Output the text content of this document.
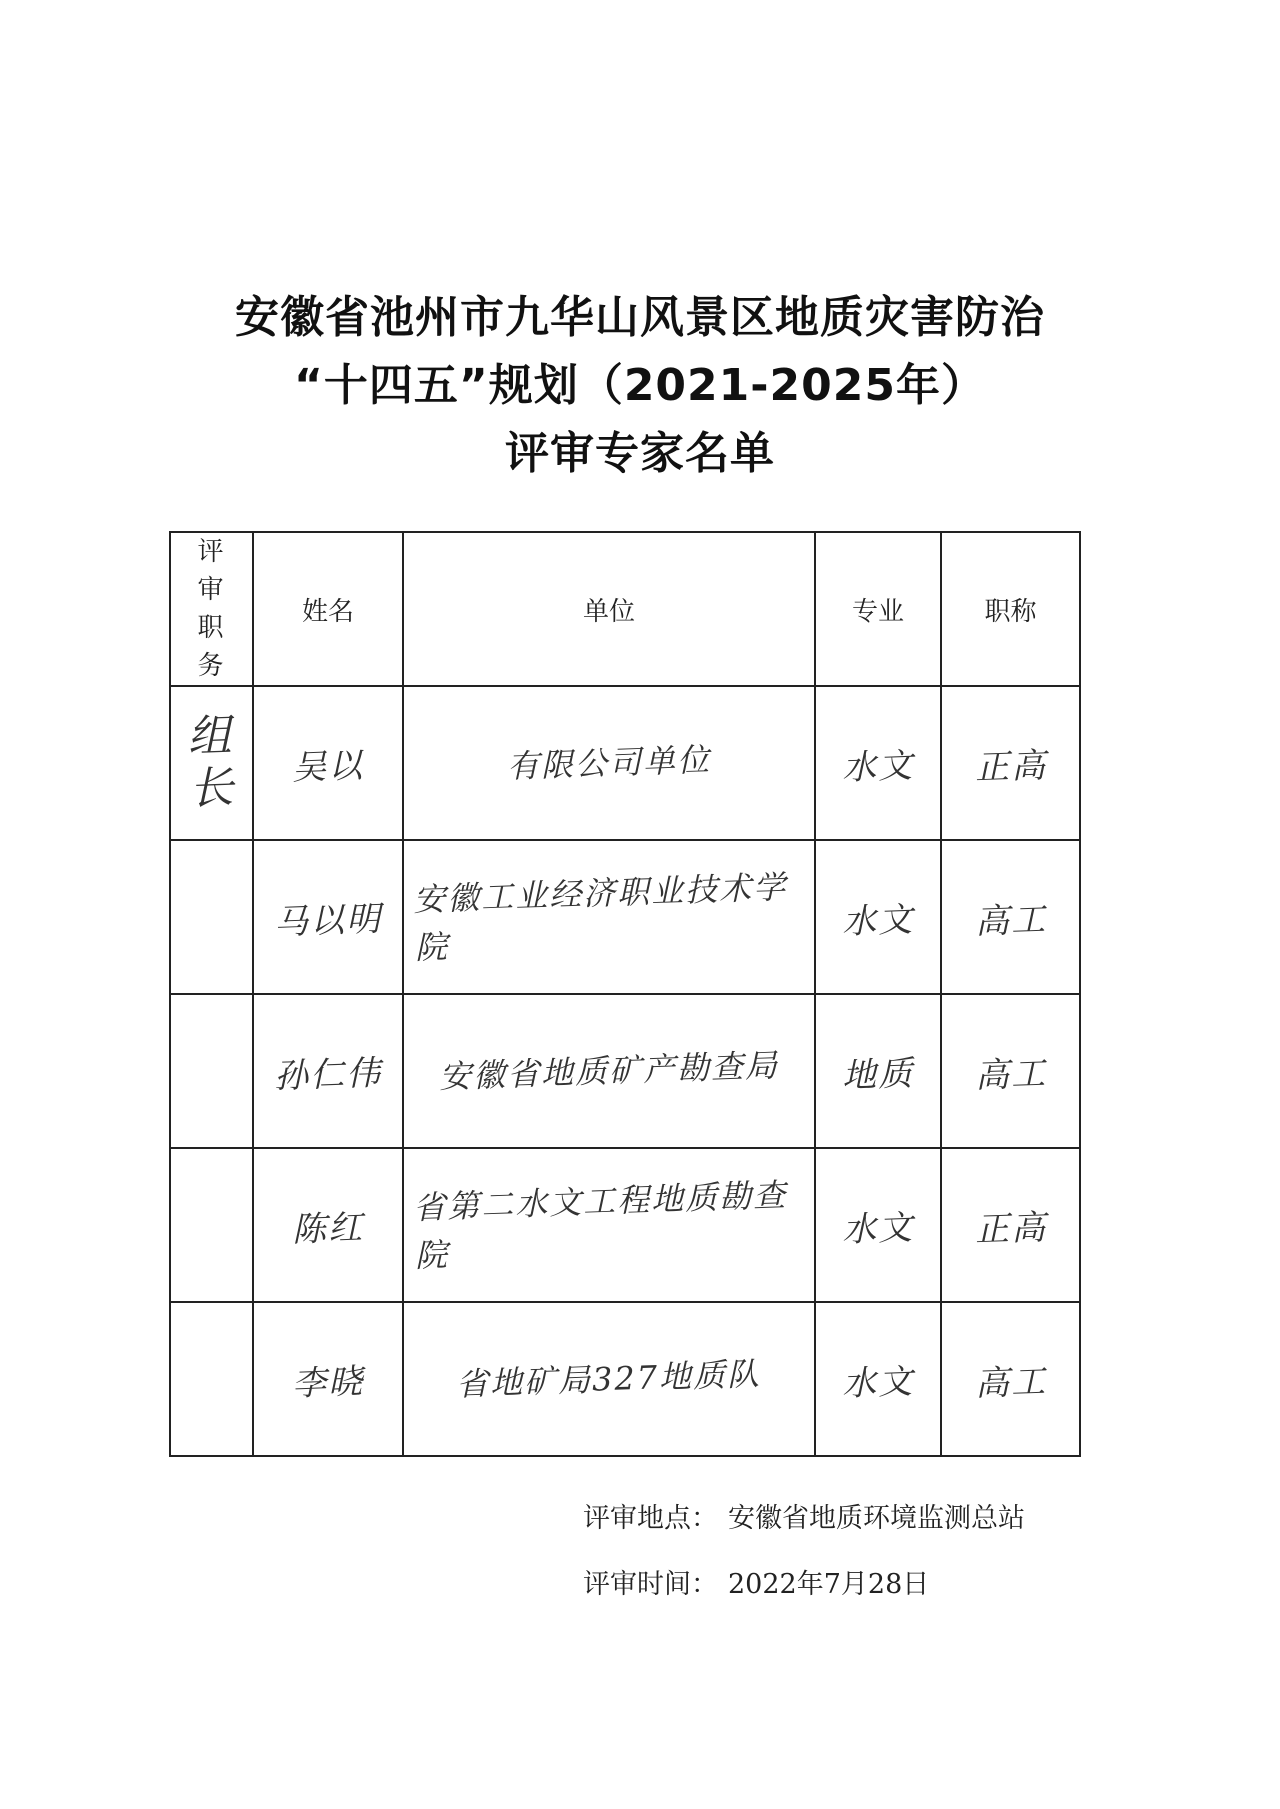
安徽省池州市九华山风景区地质灾害防治
“十四五”规划（2021-2025年）
评审专家名单
评审职务	姓名	单位	专业	职称
组长	吴以	有限公司单位	水文	正高
	马以明	安徽工业经济职业技术学院	水文	高工
	孙仁伟	安徽省地质矿产勘查局	地质	高工
	陈红	省第二水文工程地质勘查院	水文	正高
	李晓	省地矿局327地质队	水文	高工
评审地点： 安徽省地质环境监测总站
评审时间： 2022年7月28日
